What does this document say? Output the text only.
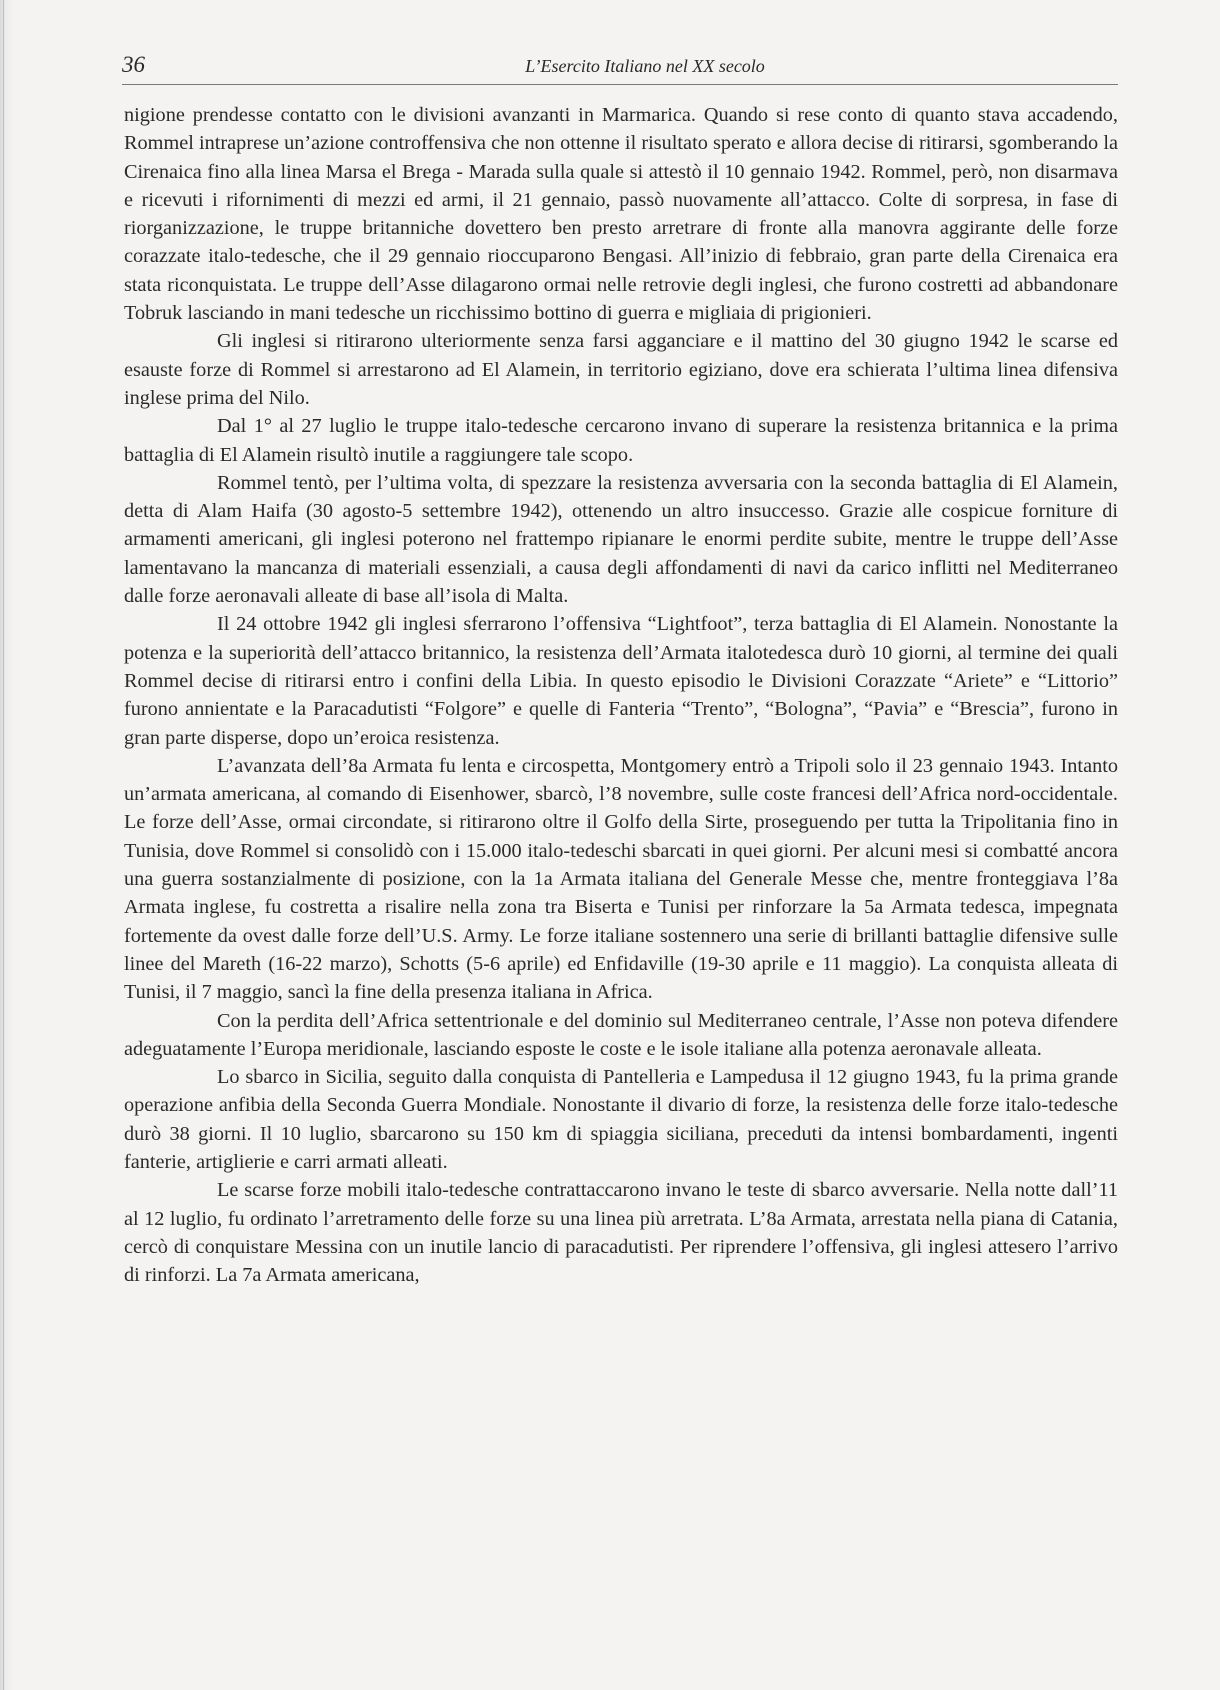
36	L’Esercito Italiano nel XX secolo

nigione prendesse contatto con le divisioni avanzanti in Marmarica. Quando si rese conto di quanto stava accadendo, Rommel intraprese un’azione controffensiva che non ottenne il risultato sperato e allora decise di ritirarsi, sgomberando la Cirenaica fino alla linea Marsa el Brega - Marada sulla quale si attestò il 10 gennaio 1942. Rommel, però, non disarmava e ricevuti i rifornimenti di mezzi ed armi, il 21 gennaio, passò nuovamente all’attacco. Colte di sorpresa, in fase di riorganizzazione, le truppe britanniche dovettero ben presto arretrare di fronte alla manovra aggirante delle forze corazzate italo-tedesche, che il 29 gennaio rioccuparono Bengasi. All’inizio di febbraio, gran parte della Cirenaica era stata riconquistata. Le truppe dell’Asse dilagarono ormai nelle retrovie degli inglesi, che furono costretti ad abbandonare Tobruk lasciando in mani tedesche un ricchissimo bottino di guerra e migliaia di prigionieri.

Gli inglesi si ritirarono ulteriormente senza farsi agganciare e il mattino del 30 giugno 1942 le scarse ed esauste forze di Rommel si arrestarono ad El Alamein, in territorio egiziano, dove era schierata l’ultima linea difensiva inglese prima del Nilo.

Dal 1° al 27 luglio le truppe italo-tedesche cercarono invano di superare la resistenza britannica e la prima battaglia di El Alamein risultò inutile a raggiungere tale scopo.

Rommel tentò, per l’ultima volta, di spezzare la resistenza avversaria con la seconda battaglia di El Alamein, detta di Alam Haifa (30 agosto-5 settembre 1942), ottenendo un altro insuccesso. Grazie alle cospicue forniture di armamenti americani, gli inglesi poterono nel frattempo ripianare le enormi perdite subite, mentre le truppe dell’Asse lamentavano la mancanza di materiali essenziali, a causa degli affondamenti di navi da carico inflitti nel Mediterraneo dalle forze aeronavali alleate di base all’isola di Malta.

Il 24 ottobre 1942 gli inglesi sferrarono l’offensiva “Lightfoot”, terza battaglia di El Alamein. Nonostante la potenza e la superiorità dell’attacco britannico, la resistenza dell’Armata italotedesca durò 10 giorni, al termine dei quali Rommel decise di ritirarsi entro i confini della Libia. In questo episodio le Divisioni Corazzate “Ariete” e “Littorio” furono annientate e la Paracadutisti “Folgore” e quelle di Fanteria “Trento”, “Bologna”, “Pavia” e “Brescia”, furono in gran parte disperse, dopo un’eroica resistenza.

L’avanzata dell’8a Armata fu lenta e circospetta, Montgomery entrò a Tripoli solo il 23 gennaio 1943. Intanto un’armata americana, al comando di Eisenhower, sbarcò, l’8 novembre, sulle coste francesi dell’Africa nord-occidentale. Le forze dell’Asse, ormai circondate, si ritirarono oltre il Golfo della Sirte, proseguendo per tutta la Tripolitania fino in Tunisia, dove Rommel si consolidò con i 15.000 italo-tedeschi sbarcati in quei giorni. Per alcuni mesi si combatté ancora una guerra sostanzialmente di posizione, con la 1a Armata italiana del Generale Messe che, mentre fronteggiava l’8a Armata inglese, fu costretta a risalire nella zona tra Biserta e Tunisi per rinforzare la 5a Armata tedesca, impegnata fortemente da ovest dalle forze dell’U.S. Army. Le forze italiane sostennero una serie di brillanti battaglie difensive sulle linee del Mareth (16-22 marzo), Schotts (5-6 aprile) ed Enfidaville (19-30 aprile e 11 maggio). La conquista alleata di Tunisi, il 7 maggio, sancì la fine della presenza italiana in Africa.

Con la perdita dell’Africa settentrionale e del dominio sul Mediterraneo centrale, l’Asse non poteva difendere adeguatamente l’Europa meridionale, lasciando esposte le coste e le isole italiane alla potenza aeronavale alleata.

Lo sbarco in Sicilia, seguito dalla conquista di Pantelleria e Lampedusa il 12 giugno 1943, fu la prima grande operazione anfibia della Seconda Guerra Mondiale. Nonostante il divario di forze, la resistenza delle forze italo-tedesche durò 38 giorni. Il 10 luglio, sbarcarono su 150 km di spiaggia siciliana, preceduti da intensi bombardamenti, ingenti fanterie, artiglierie e carri armati alleati.

Le scarse forze mobili italo-tedesche contrattaccarono invano le teste di sbarco avversarie. Nella notte dall’11 al 12 luglio, fu ordinato l’arretramento delle forze su una linea più arretrata. L’8a Armata, arrestata nella piana di Catania, cercò di conquistare Messina con un inutile lancio di paracadutisti. Per riprendere l’offensiva, gli inglesi attesero l’arrivo di rinforzi. La 7a Armata americana,
